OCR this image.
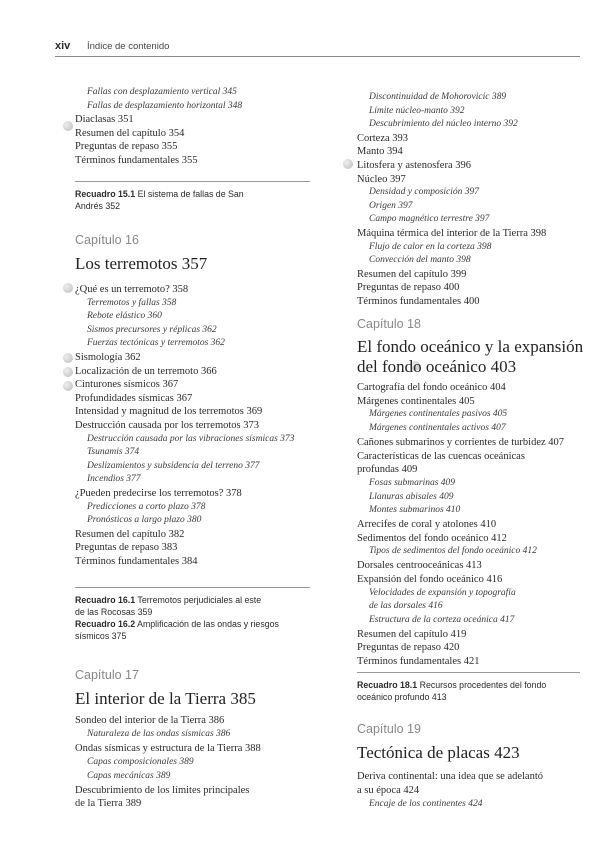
xiv Índice de contenido
Capítulo 16
Los terremotos 357
Recuadro 15.1 El sistema de fallas de San
Andrés 352
Recuadro 16.1 Terremotos perjudiciales al este
de las Rocosas 359
Recuadro 16.2 Amplificación de las ondas y riesgos
sísmicos 375
Capítulo 17
El interior de la Tierra 385
Capítulo 18
El fondo oceánico y la expansión
del fondo oceánico 403
Recuadro 18.1 Recursos procedentes del fondo
oceánico profundo 413
Capítulo 19
Tectónica de placas 423
Fallas con desplazamiento vertical 345
Fallas de desplazamiento horizontal 348
Diaclasas 351
Resumen del capítulo 354
Preguntas de repaso 355
Términos fundamentales 355
¿Qué es un terremoto? 358
Terremotos y fallas 358
Rebote elástico 360
Sismos precursores y réplicas 362
Fuerzas tectónicas y terremotos 362
Sismología 362
Localización de un terremoto 366
Cinturones sísmicos 367
Profundidades sísmicas 367
Intensidad y magnitud de los terremotos 369
Destrucción causada por los terremotos 373
Destrucción causada por las vibraciones sísmicas 373
Tsunamis 374
Deslizamientos y subsidencia del terreno 377
Incendios 377
¿Pueden predecirse los terremotos? 378
Predicciones a corto plazo 378
Pronósticos a largo plazo 380
Resumen del capítulo 382
Preguntas de repaso 383
Términos fundamentales 384
Sondeo del interior de la Tierra 386
Naturaleza de las ondas sísmicas 386
Ondas sísmicas y estructura de la Tierra 388
Capas composicionales 389
Capas mecánicas 389
Descubrimiento de los límites principales
de la Tierra 389
Discontinuidad de Mohorovicic 389
Límite núcleo-manto 392
Descubrimiento del núcleo interno 392
Corteza 393
Manto 394
Litosfera y astenosfera 396
Núcleo 397
Densidad y composición 397
Origen 397
Campo magnético terrestre 397
Máquina térmica del interior de la Tierra 398
Flujo de calor en la corteza 398
Convección del manto 398
Resumen del capítulo 399
Preguntas de repaso 400
Términos fundamentales 400
Cartografía del fondo oceánico 404
Márgenes continentales 405
Márgenes continentales pasivos 405
Márgenes continentales activos 407
Cañones submarinos y corrientes de turbidez 407
Características de las cuencas oceánicas
profundas 409
Fosas submarinas 409
Llanuras abisales 409
Montes submarinos 410
Arrecifes de coral y atolones 410
Sedimentos del fondo oceánico 412
Tipos de sedimentos del fondo oceánico 412
Dorsales centrooceánicas 413
Expansión del fondo oceánico 416
Velocidades de expansión y topografía
de las dorsales 416
Estructura de la corteza oceánica 417
Resumen del capítulo 419
Preguntas de repaso 420
Términos fundamentales 421
Deriva continental: una idea que se adelantó
a su época 424
Encaje de los continentes 424
